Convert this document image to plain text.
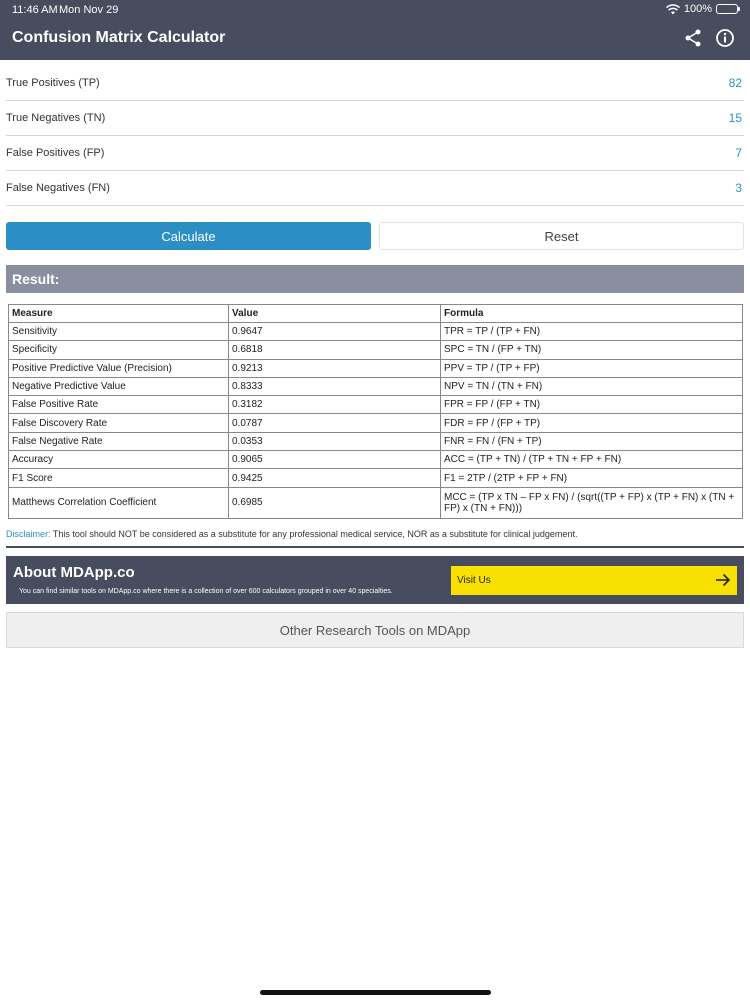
11:46 AM Mon Nov 29	100%
Confusion Matrix Calculator
True Positives (TP)	82
True Negatives (TN)	15
False Positives (FP)	7
False Negatives (FN)	3
Calculate	Reset
Result:
Measure	Value	Formula
Sensitivity	0.9647	TPR = TP / (TP + FN)
Specificity	0.6818	SPC = TN / (FP + TN)
Positive Predictive Value (Precision)	0.9213	PPV = TP / (TP + FP)
Negative Predictive Value	0.8333	NPV = TN / (TN + FN)
False Positive Rate	0.3182	FPR = FP / (FP + TN)
False Discovery Rate	0.0787	FDR = FP / (FP + TP)
False Negative Rate	0.0353	FNR = FN / (FN + TP)
Accuracy	0.9065	ACC = (TP + TN) / (TP + TN + FP + FN)
F1 Score	0.9425	F1 = 2TP / (2TP + FP + FN)
Matthews Correlation Coefficient	0.6985	MCC = (TP x TN – FP x FN) / (sqrt((TP + FP) x (TP + FN) x (TN + FP) x (TN + FN)))
Disclaimer: This tool should NOT be considered as a substitute for any professional medical service, NOR as a substitute for clinical judgement.
About MDApp.co
You can find similar tools on MDApp.co where there is a collection of over 600 calculators grouped in over 40 specialties.
Visit Us
Other Research Tools on MDApp
